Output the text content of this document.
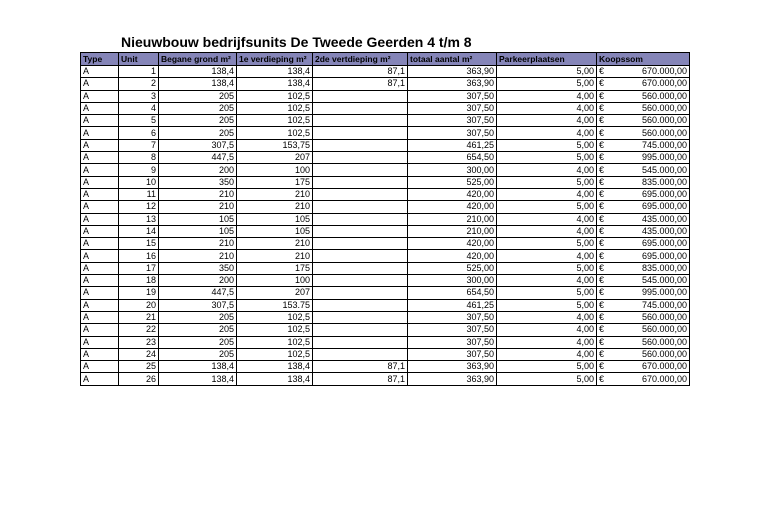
Nieuwbouw bedrijfsunits De Tweede Geerden 4 t/m 8
Type	Unit	Begane grond m²	1e verdieping m²	2de vertdieping m²	totaal aantal m²	Parkeerplaatsen	Koopssom
A	1	138,4	138,4	87,1	363,90	5,00	€ 670.000,00

A	2	138,4	138,4	87,1	363,90	5,00	€ 670.000,00

A	3	205	102,5		307,50	4,00	€ 560.000,00

A	4	205	102,5		307,50	4,00	€ 560.000,00

A	5	205	102,5		307,50	4,00	€ 560.000,00

A	6	205	102,5		307,50	4,00	€ 560.000,00

A	7	307,5	153,75		461,25	5,00	€ 745.000,00

A	8	447,5	207		654,50	5,00	€ 995.000,00

A	9	200	100		300,00	4,00	€ 545.000,00

A	10	350	175		525,00	5,00	€ 835.000,00

A	11	210	210		420,00	4,00	€ 695.000,00

A	12	210	210		420,00	5,00	€ 695.000,00

A	13	105	105		210,00	4,00	€ 435.000,00

A	14	105	105		210,00	4,00	€ 435.000,00

A	15	210	210		420,00	5,00	€ 695.000,00

A	16	210	210		420,00	4,00	€ 695.000,00

A	17	350	175		525,00	5,00	€ 835.000,00

A	18	200	100		300,00	4,00	€ 545.000,00

A	19	447,5	207		654,50	5,00	€ 995.000,00

A	20	307,5	153.75		461,25	5,00	€ 745.000,00

A	21	205	102,5		307,50	4,00	€ 560.000,00

A	22	205	102,5		307,50	4,00	€ 560.000,00

A	23	205	102,5		307,50	4,00	€ 560.000,00

A	24	205	102,5		307,50	4,00	€ 560.000,00

A	25	138,4	138,4	87,1	363,90	5,00	€ 670.000,00

A	26	138,4	138,4	87,1	363,90	5,00	€ 670.000,00
